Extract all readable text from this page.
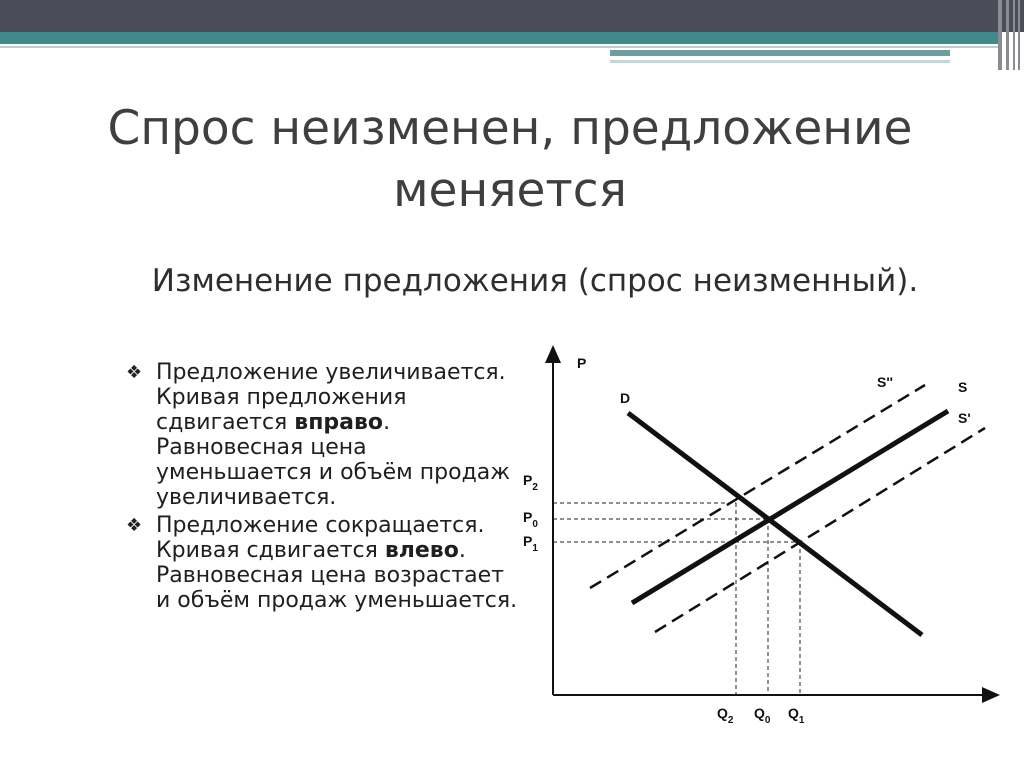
Спрос неизменен, предложение меняется
Изменение предложения (спрос неизменный).
❖ Предложение увеличивается. Кривая предложения сдвигается вправо. Равновесная цена уменьшается и объём продаж увеличивается.
❖ Предложение сокращается. Кривая сдвигается влево. Равновесная цена возрастает и объём продаж уменьшается.
P
D
S
S''
S'
$P_2$
$P_0$
$P_1$
$Q_2$ $Q_0$ $Q_1$
